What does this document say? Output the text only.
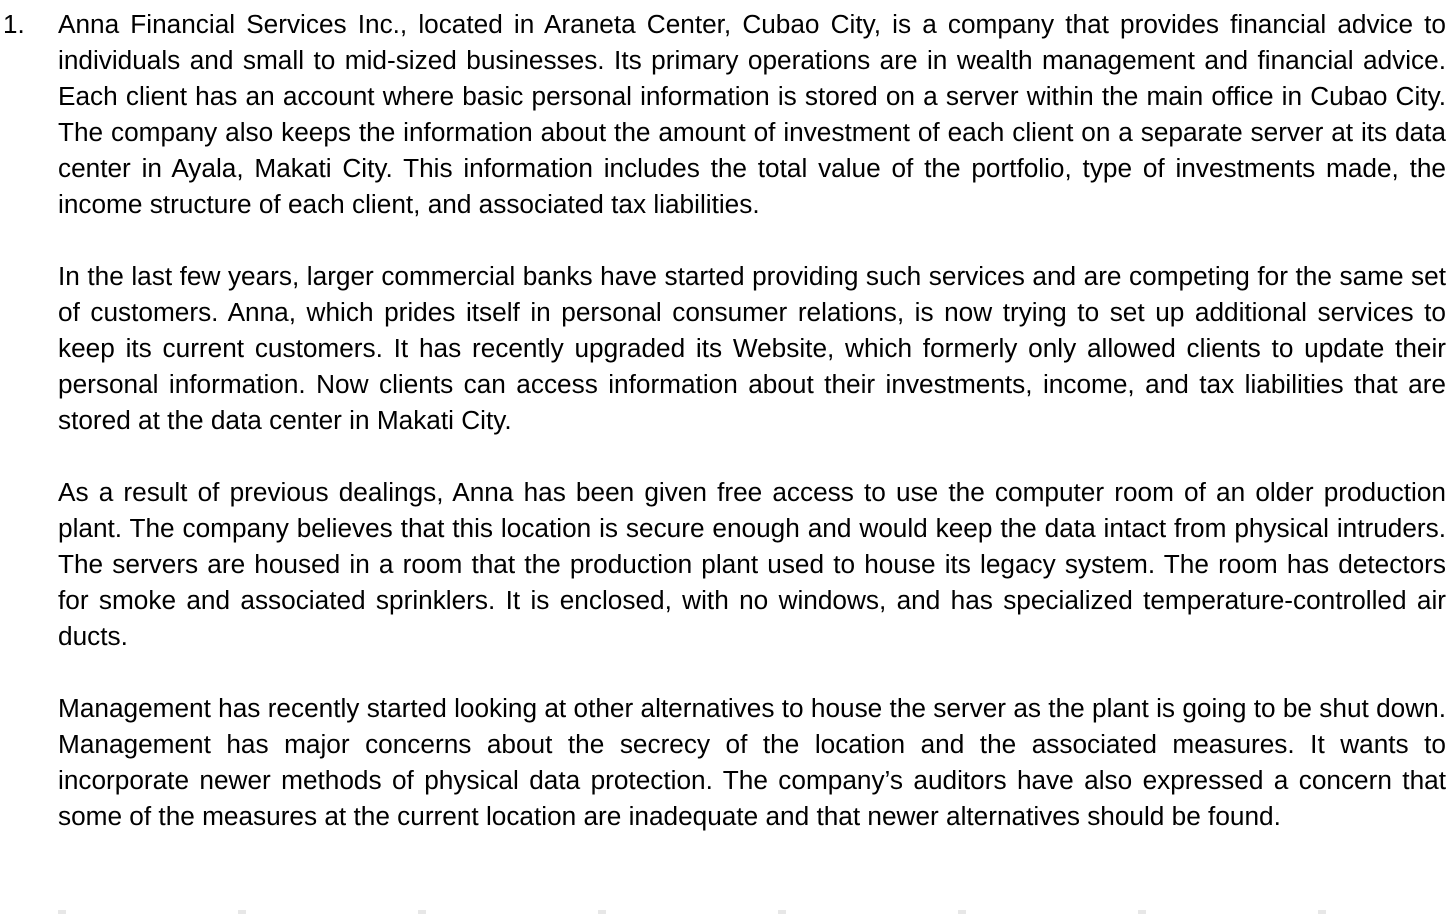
1.	Anna Financial Services Inc., located in Araneta Center, Cubao City, is a company that provides financial advice to individuals and small to mid-sized businesses. Its primary operations are in wealth management and financial advice. Each client has an account where basic personal information is stored on a server within the main office in Cubao City. The company also keeps the information about the amount of investment of each client on a separate server at its data center in Ayala, Makati City. This information includes the total value of the portfolio, type of investments made, the income structure of each client, and associated tax liabilities.

In the last few years, larger commercial banks have started providing such services and are competing for the same set of customers. Anna, which prides itself in personal consumer relations, is now trying to set up additional services to keep its current customers. It has recently upgraded its Website, which formerly only allowed clients to update their personal information. Now clients can access information about their investments, income, and tax liabilities that are stored at the data center in Makati City.

As a result of previous dealings, Anna has been given free access to use the computer room of an older production plant. The company believes that this location is secure enough and would keep the data intact from physical intruders. The servers are housed in a room that the production plant used to house its legacy system. The room has detectors for smoke and associated sprinklers. It is enclosed, with no windows, and has specialized temperature-controlled air ducts.

Management has recently started looking at other alternatives to house the server as the plant is going to be shut down. Management has major concerns about the secrecy of the location and the associated measures. It wants to incorporate newer methods of physical data protection. The company’s auditors have also expressed a concern that some of the measures at the current location are inadequate and that newer alternatives should be found.
